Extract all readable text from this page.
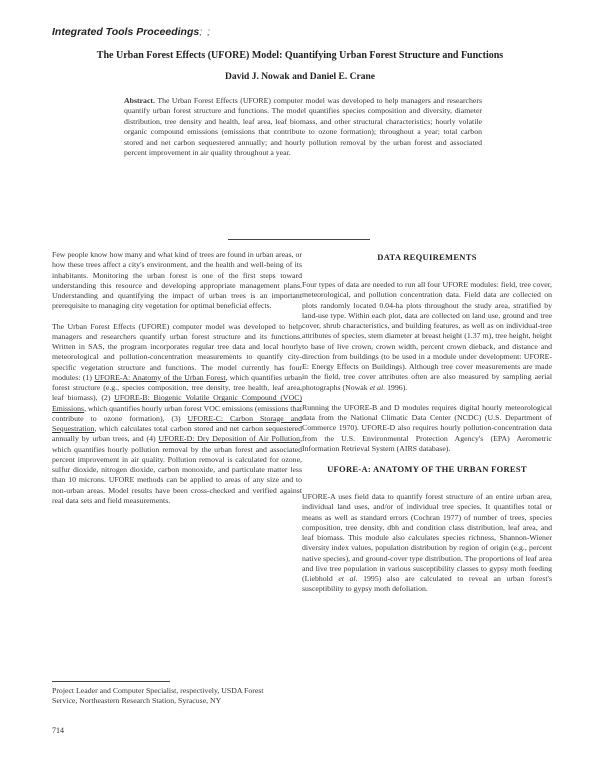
Integrated Tools Proceedings; ;
The Urban Forest Effects (UFORE) Model: Quantifying Urban Forest Structure and Functions
David J. Nowak and Daniel E. Crane
Abstract. The Urban Forest Effects (UFORE) computer model was developed to help managers and researchers quantify urban forest structure and functions. The model quantifies species composition and diversity, diameter distribution, tree density and health, leaf area, leaf biomass, and other structural characteristics; hourly volatile organic compound emissions (emissions that contribute to ozone formation); throughout a year; total carbon stored and net carbon sequestered annually; and hourly pollution removal by the urban forest and associated percent improvement in air quality throughout a year.

Few people know how many and what kind of trees are found in urban areas, or how these trees affect a city's environment, and the health and well-being of its inhabitants. Monitoring the urban forest is one of the first steps toward understanding this resource and developing appropriate management plans. Understanding and quantifying the impact of urban trees is an important prerequisite to managing city vegetation for optimal beneficial effects.

The Urban Forest Effects (UFORE) computer model was developed to help managers and researchers quantify urban forest structure and its functions. Written in SAS, the program incorporates regular tree data and local hourly meteorological and pollution-concentration measurements to quantify city-specific vegetation structure and functions. The model currently has four modules: (1) UFORE-A: Anatomy of the Urban Forest, which quantifies urban forest structure (e.g., species composition, tree density, tree health, leaf area, leaf biomass), (2) UFORE-B: Biogenic Volatile Organic Compound (VOC) Emissions, which quantifies hourly urban forest VOC emissions (emissions that contribute to ozone formation), (3) UFORE-C: Carbon Storage and Sequestration, which calculates total carbon stored and net carbon sequestered annually by urban trees, and (4) UFORE-D: Dry Deposition of Air Pollution, which quantifies hourly pollution removal by the urban forest and associated percent improvement in air quality. Pollution removal is calculated for ozone, sulfur dioxide, nitrogen dioxide, carbon monoxide, and particulate matter less than 10 microns. UFORE methods can be applied to areas of any size and to non-urban areas. Model results have been cross-checked and verified against real data sets and field measurements.

DATA REQUIREMENTS

Four types of data are needed to run all four UFORE modules: field, tree cover, meteorological, and pollution concentration data. Field data are collected on plots randomly located 0.04-ha plots throughout the study area, stratified by land-use type. Within each plot, data are collected on land use, ground and tree cover, shrub characteristics, and building features, as well as on individual-tree attributes of species, stem diameter at breast height (1.37 m), tree height, height to base of live crown, crown width, percent crown dieback, and distance and direction from buildings (to be used in a module under development: UFORE-E: Energy Effects on Buildings). Although tree cover measurements are made in the field, tree cover attributes often are also measured by sampling aerial photographs (Nowak et al. 1996).

Running the UFORE-B and D modules requires digital hourly meteorological data from the National Climatic Data Center (NCDC) (U.S. Department of Commerce 1970). UFORE-D also requires hourly pollution-concentration data from the U.S. Environmental Protection Agency's (EPA) Aerometric Information Retrieval System (AIRS database).

UFORE-A: ANATOMY OF THE URBAN FOREST

UFORE-A uses field data to quantify forest structure of an entire urban area, individual land uses, and/or of individual tree species. It quantifies total or means as well as standard errors (Cochran 1977) of number of trees, species composition, tree density, dbh and condition class distribution, leaf area, and leaf biomass. This module also calculates species richness, Shannon-Wiener diversity index values, population distribution by region of origin (e.g., percent native species), and ground-cover type distribution. The proportions of leaf area and live tree population in various susceptibility classes to gypsy moth feeding (Liebhold et al. 1995) also are calculated to reveal an urban forest's susceptibility to gypsy moth defoliation.

Project Leader and Computer Specialist, respectively, USDA Forest Service, Northeastern Research Station, Syracuse, NY
714
